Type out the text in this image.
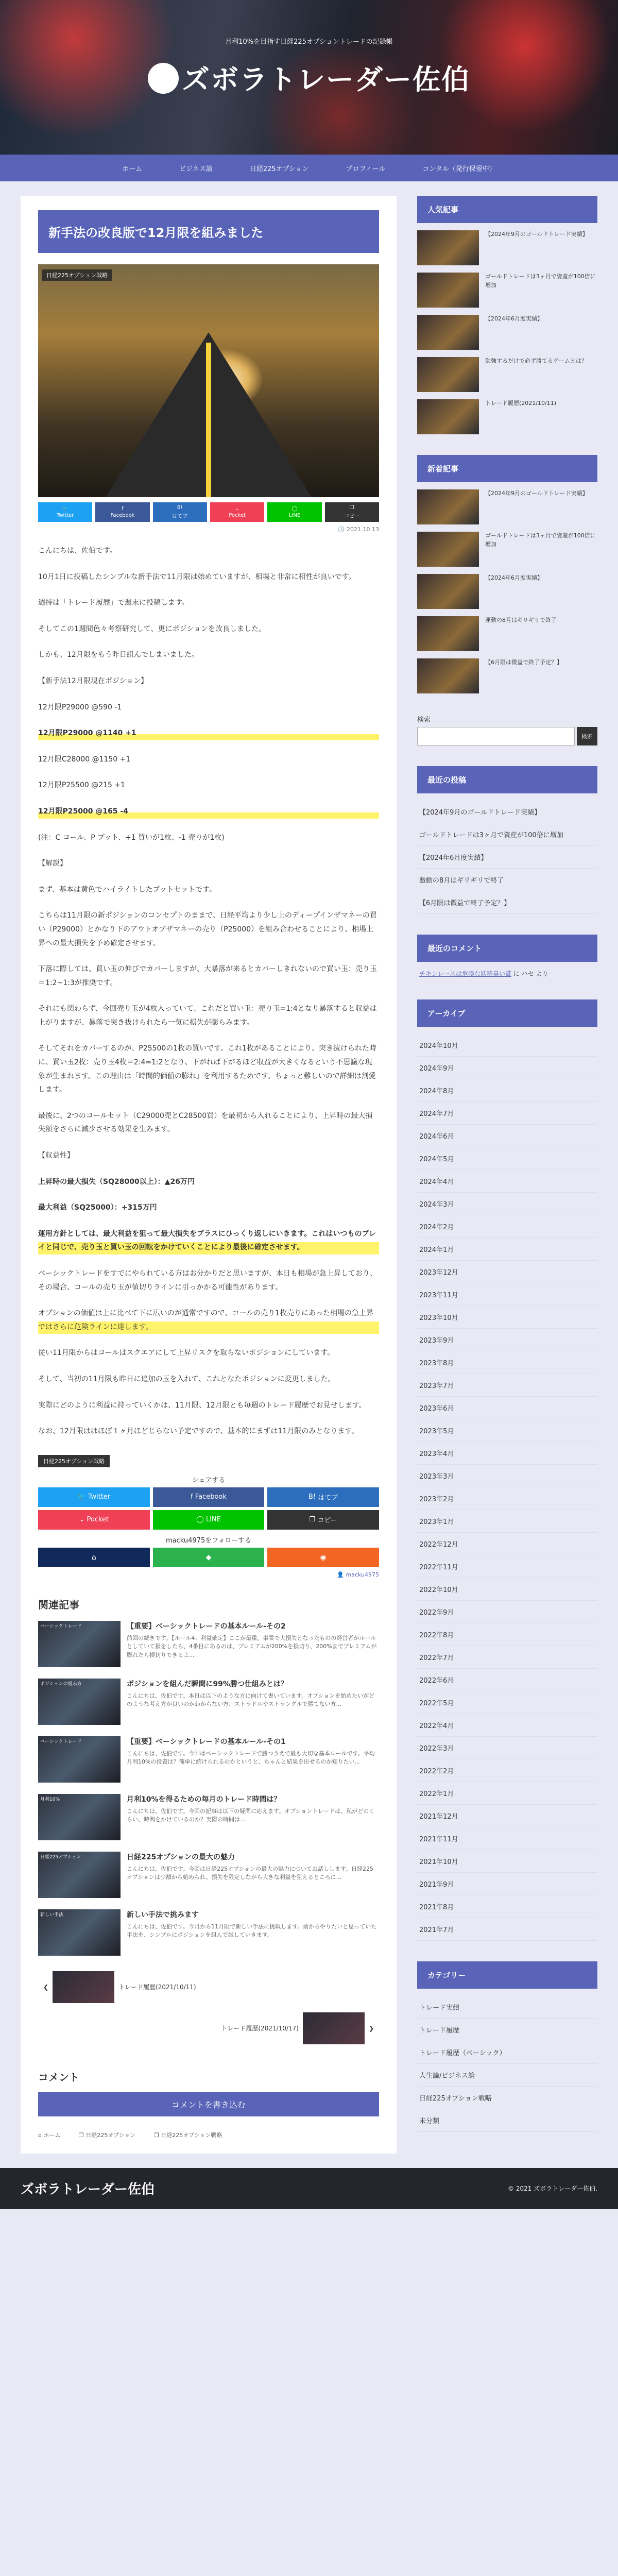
月利10%を目指す日経225オプショントレードの記録帳
ズボラトレーダー佐伯
ホーム	ビジネス論	日経225オプション	プロフィール	コンタル（発行保留中）
新手法の改良版で12月限を組みました
日経225オプション戦略
🐦
Twitter
f
Facebook
B!
はてブ
⌄
Pocket
◯
LINE
❐
コピー
🕒 2021.10.13

こんにちは、佐伯です。

10月1日に投稿したシンプルな新手法で11月限は始めていますが、相場と非常に相性が良いです。

週持は「トレード履歴」で週末に投稿します。

そしてこの1週間色々考察研究して、更にポジションを改良しました。

しかも、12月限をもう昨日組んでしまいました。

【新手法12月限現在ポジション】

12月限P29000 @590 -1

12月限P29000 @1140 +1

12月限C28000 @1150 +1

12月限P25500 @215 +1

12月限P25000 @165 -4

(注：C コール、P プット、+1 買いが1枚、-1 売りが1枚)

【解説】

まず、基本は黄色でハイライトしたプットセットです。

こちらは11月限の新ポジションのコンセプトのままで、日経平均より少し上のディープインザマネーの買い（P29000）とかなり下のアウトオブザマネーの売り（P25000）を組み合わせることにより、相場上昇への最大損失を予め確定させます。

下落に際しては、買い玉の伸びでカバーしますが、大暴落が来るとカバーしきれないので買い玉：売り玉＝1:2~1:3が推奨です。

それにも関わらず、今回売り玉が4枚入っていて、これだと買い玉：売り玉=1:4となり暴落すると収益は上がりますが、暴落で突き抜けられたら一気に損失が膨らみます。

そしてそれをカバーするのが、P25500の1枚の買いです。これ1枚があることにより、突き抜けられた時に、買い玉2枚：売り玉4枚＝2:4=1:2となり、下がれば下がるほど収益が大きくなるという不思議な現象が生まれます。この理由は「時間的価値の膨れ」を利用するためです。ちょっと難しいので詳細は割愛します。

最後に、2つのコールセット（C29000売とC28500買）を最初から入れることにより、上昇時の最大損失額をさらに減少させる効果を生みます。

【収益性】

上昇時の最大損失（SQ28000以上）：▲26万円

最大利益（SQ25000）：+315万円

運用方針としては、最大利益を狙って最大損失をプラスにひっくり返しにいきます。これはいつものプレイと同じで、売り玉と買い玉の回転をかけていくことにより最後に確定させます。

ベーシックトレードをすでにやられている方はお分かりだと思いますが、本日も相場が急上昇しており、その場合、コールの売り玉が値切りラインに引っかかる可能性があります。

オプションの価値は上に比べて下に広いのが通常ですので、コールの売り1枚売りにあった相場の急上昇ではさらに危険ラインに達します。

従い11月限からはコールはスクエアにして上昇リスクを取らないポジションにしています。

そして、当初の11月限も昨日に追加の玉を入れて、これとなたポジションに変更しました。

実際にどのように利益に持っていくかは、11月限、12月限とも毎週のトレード履歴でお見せします。

なお、12月限ははほぼ１ヶ月ほどじらない予定ですので、基本的にまずは11月限のみとなります。

日経225オプション戦略
シェアする
🐦 Twitter	f Facebook	B! はてブ
⌄ Pocket	◯ LINE	❐ コピー
macku4975をフォローする
⌂	◆	◉
👤 macku4975
関連記事
ベーシックトレード	【重要】ベーシックトレードの基本ルール-その2

前回の続きです。【ルール4：利益確定】ここが最重。事業で大損失となったものの経営者がルールとしていて損をしたら、4番目にあるのは、プレミアムが200%を損切り、200%までプレミアムが膨れたら損切りできるよ...

ポジションの組み方	ポジションを組んだ瞬間に99%勝つ仕組みとは？

こんにちは、佐伯です。本日は以下のような方に向けて書いています。オプションを始めたいがどのような考え方が良いのかわからない方、ストラドルやストラングルで勝てない方...

ベーシックトレード	【重要】ベーシックトレードの基本ルール-その1

こんにちは、佐伯です。今回はベーシックトレードで勝つうえで最も大切な基本ルールです。平均月利10%の投資は？簡単に続けられるのかというと、ちゃんと結果を出せるのか知りたい...

月利10%	月利10%を得るための毎月のトレード時間は？

こんにちは、佐伯です。今回の記事は以下の疑問に応えます。オプショントレードは、私がどのくらい、時間をかけているのか？実際の時間は...

日経225オプション	日経225オプションの最大の魅力

こんにちは、佐伯です。今回は日経225オプションの最大の魅力についてお話しします。日経225オプションは少額から始められ、損失を限定しながら大きな利益を狙えるところに...

新しい手法	新しい手法で挑みます

こんにちは、佐伯です。今月から11月限で新しい手法に挑戦します。前からやりたいと思っていた手法を、シンプルにポジションを組んで試していきます。

❮	トレード履歴(2021/10/11)
トレード履歴(2021/10/17)	❯
コメント
コメントを書き込む
⌂ ホーム	❐ 日経225オプション	❐ 日経225オプション戦略
人気記事
【2024年9月のゴールドトレード実績】
ゴールドトレードは3ヶ月で資産が100倍に増加
【2024年6月度実績】
勉強するだけで必ず勝てるゲームとは？
トレード履歴(2021/10/11)
新着記事
【2024年9月のゴールドトレード実績】
ゴールドトレードは3ヶ月で資産が100倍に増加
【2024年6月度実績】
運動の8月はギリギリで終了
【6月限は微益で終了予定？】
検索
検索
最近の投稿
【2024年9月のゴールドトレード実績】
ゴールドトレードは3ヶ月で資産が100倍に増加
【2024年6月度実績】
激動の8月はギリギリで終了
【6月限は微益で終了予定？】
最近のコメント
チキンレースは危険な妖精臭い賞 に ハセ より
アーカイブ
2024年10月
2024年9月
2024年8月
2024年7月
2024年6月
2024年5月
2024年4月
2024年3月
2024年2月
2024年1月
2023年12月
2023年11月
2023年10月
2023年9月
2023年8月
2023年7月
2023年6月
2023年5月
2023年4月
2023年3月
2023年2月
2023年1月
2022年12月
2022年11月
2022年10月
2022年9月
2022年8月
2022年7月
2022年6月
2022年5月
2022年4月
2022年3月
2022年2月
2022年1月
2021年12月
2021年11月
2021年10月
2021年9月
2021年8月
2021年7月
カテゴリー
トレード実績
トレード履歴
トレード履歴（ベーシック）
人生論/ビジネス論
日経225オプション戦略
未分類
ズボラトレーダー佐伯	© 2021 ズボラトレーダー佐伯.
